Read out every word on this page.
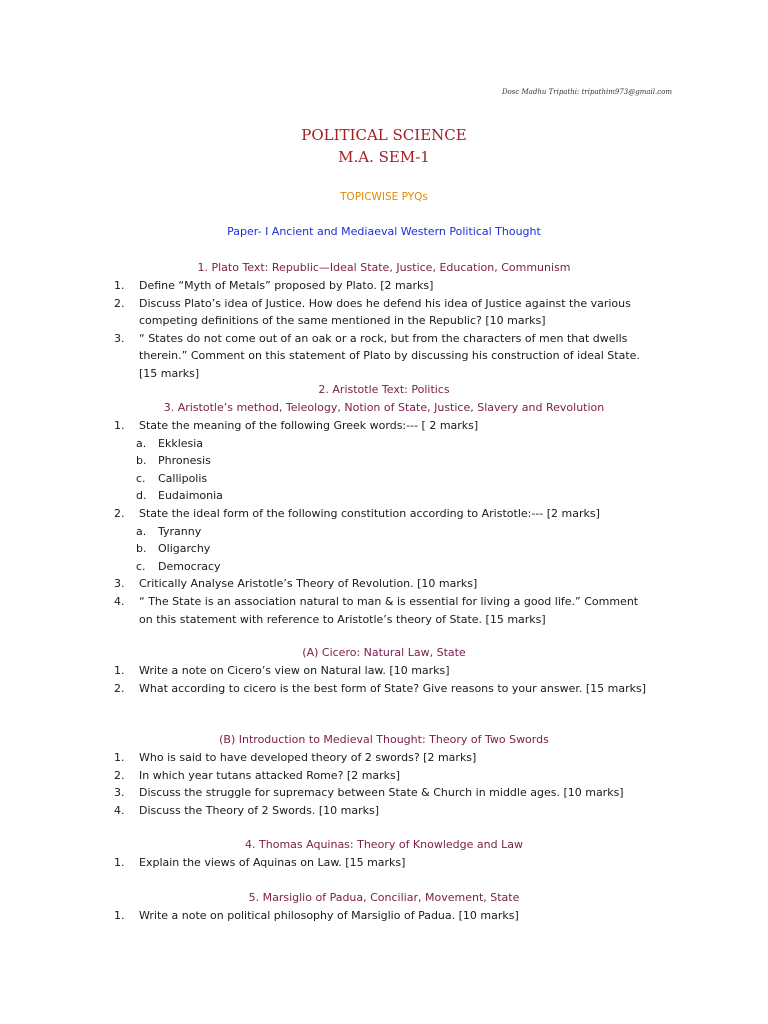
Dosc Madhu Tripathi: tripathim973@gmail.com
POLITICAL SCIENCE
M.A. SEM-1
TOPICWISE PYQs
Paper- I Ancient and Mediaeval Western Political Thought
1. Plato Text: Republic—Ideal State, Justice, Education, Communism
1. Define “Myth of Metals” proposed by Plato. [2 marks]
2. Discuss Plato’s idea of Justice. How does he defend his idea of Justice against the various competing definitions of the same mentioned in the Republic? [10 marks]
3. “ States do not come out of an oak or a rock, but from the characters of men that dwells therein.” Comment on this statement of Plato by discussing his construction of ideal State. [15 marks]
2. Aristotle Text: Politics
3. Aristotle’s method, Teleology, Notion of State, Justice, Slavery and Revolution
1. State the meaning of the following Greek words:--- [ 2 marks]
a. Ekklesia
b. Phronesis
c. Callipolis
d. Eudaimonia
2. State the ideal form of the following constitution according to Aristotle:--- [2 marks]
a. Tyranny
b. Oligarchy
c. Democracy
3. Critically Analyse Aristotle’s Theory of Revolution. [10 marks]
4. “ The State is an association natural to man & is essential for living a good life.” Comment on this statement with reference to Aristotle’s theory of State. [15 marks]
(A) Cicero: Natural Law, State
1. Write a note on Cicero’s view on Natural law. [10 marks]
2. What according to cicero is the best form of State? Give reasons to your answer. [15 marks]
(B) Introduction to Medieval Thought: Theory of Two Swords
1. Who is said to have developed theory of 2 swords? [2 marks]
2. In which year tutans attacked Rome? [2 marks]
3. Discuss the struggle for supremacy between State & Church in middle ages. [10 marks]
4. Discuss the Theory of 2 Swords. [10 marks]
4. Thomas Aquinas: Theory of Knowledge and Law
1. Explain the views of Aquinas on Law. [15 marks]
5. Marsiglio of Padua, Conciliar, Movement, State
1. Write a note on political philosophy of Marsiglio of Padua. [10 marks]
